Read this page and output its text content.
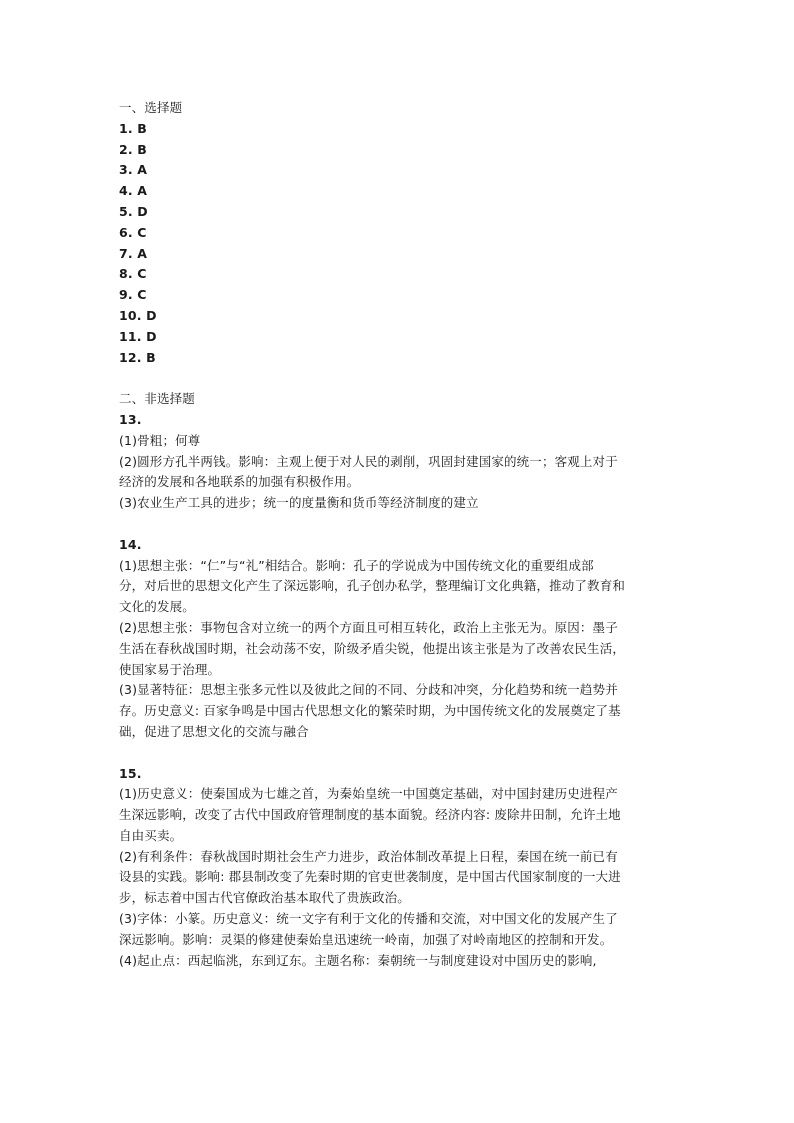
一、选择题
1. B
2. B
3. A
4. A
5. D
6. C
7. A
8. C
9. C
10. D
11. D
12. B
二、非选择题
13.
(1)骨粗；何尊
(2)圆形方孔半两钱。影响：主观上便于对人民的剥削，巩固封建国家的统一；客观上对于
经济的发展和各地联系的加强有积极作用。
(3)农业生产工具的进步；统一的度量衡和货币等经济制度的建立
14.
(1)思想主张：“仁”与“礼”相结合。影响：孔子的学说成为中国传统文化的重要组成部
分，对后世的思想文化产生了深远影响，孔子创办私学，整理编订文化典籍，推动了教育和
文化的发展。
(2)思想主张：事物包含对立统一的两个方面且可相互转化，政治上主张无为。原因：墨子
生活在春秋战国时期，社会动荡不安，阶级矛盾尖锐，他提出该主张是为了改善农民生活，
使国家易于治理。
(3)显著特征：思想主张多元性以及彼此之间的不同、分歧和冲突，分化趋势和统一趋势并
存。历史意义: 百家争鸣是中国古代思想文化的繁荣时期，为中国传统文化的发展奠定了基
础，促进了思想文化的交流与融合
15.
(1)历史意义：使秦国成为七雄之首，为秦始皇统一中国奠定基础，对中国封建历史进程产
生深远影响，改变了古代中国政府管理制度的基本面貌。经济内容: 废除井田制，允许土地
自由买卖。
(2)有利条件：春秋战国时期社会生产力进步，政治体制改革提上日程，秦国在统一前已有
设县的实践。影响: 郡县制改变了先秦时期的官吏世袭制度，是中国古代国家制度的一大进
步，标志着中国古代官僚政治基本取代了贵族政治。
(3)字体：小篆。历史意义：统一文字有利于文化的传播和交流，对中国文化的发展产生了
深远影响。影响：灵渠的修建使秦始皇迅速统一岭南，加强了对岭南地区的控制和开发。
(4)起止点：西起临洮，东到辽东。主题名称：秦朝统一与制度建设对中国历史的影响,
